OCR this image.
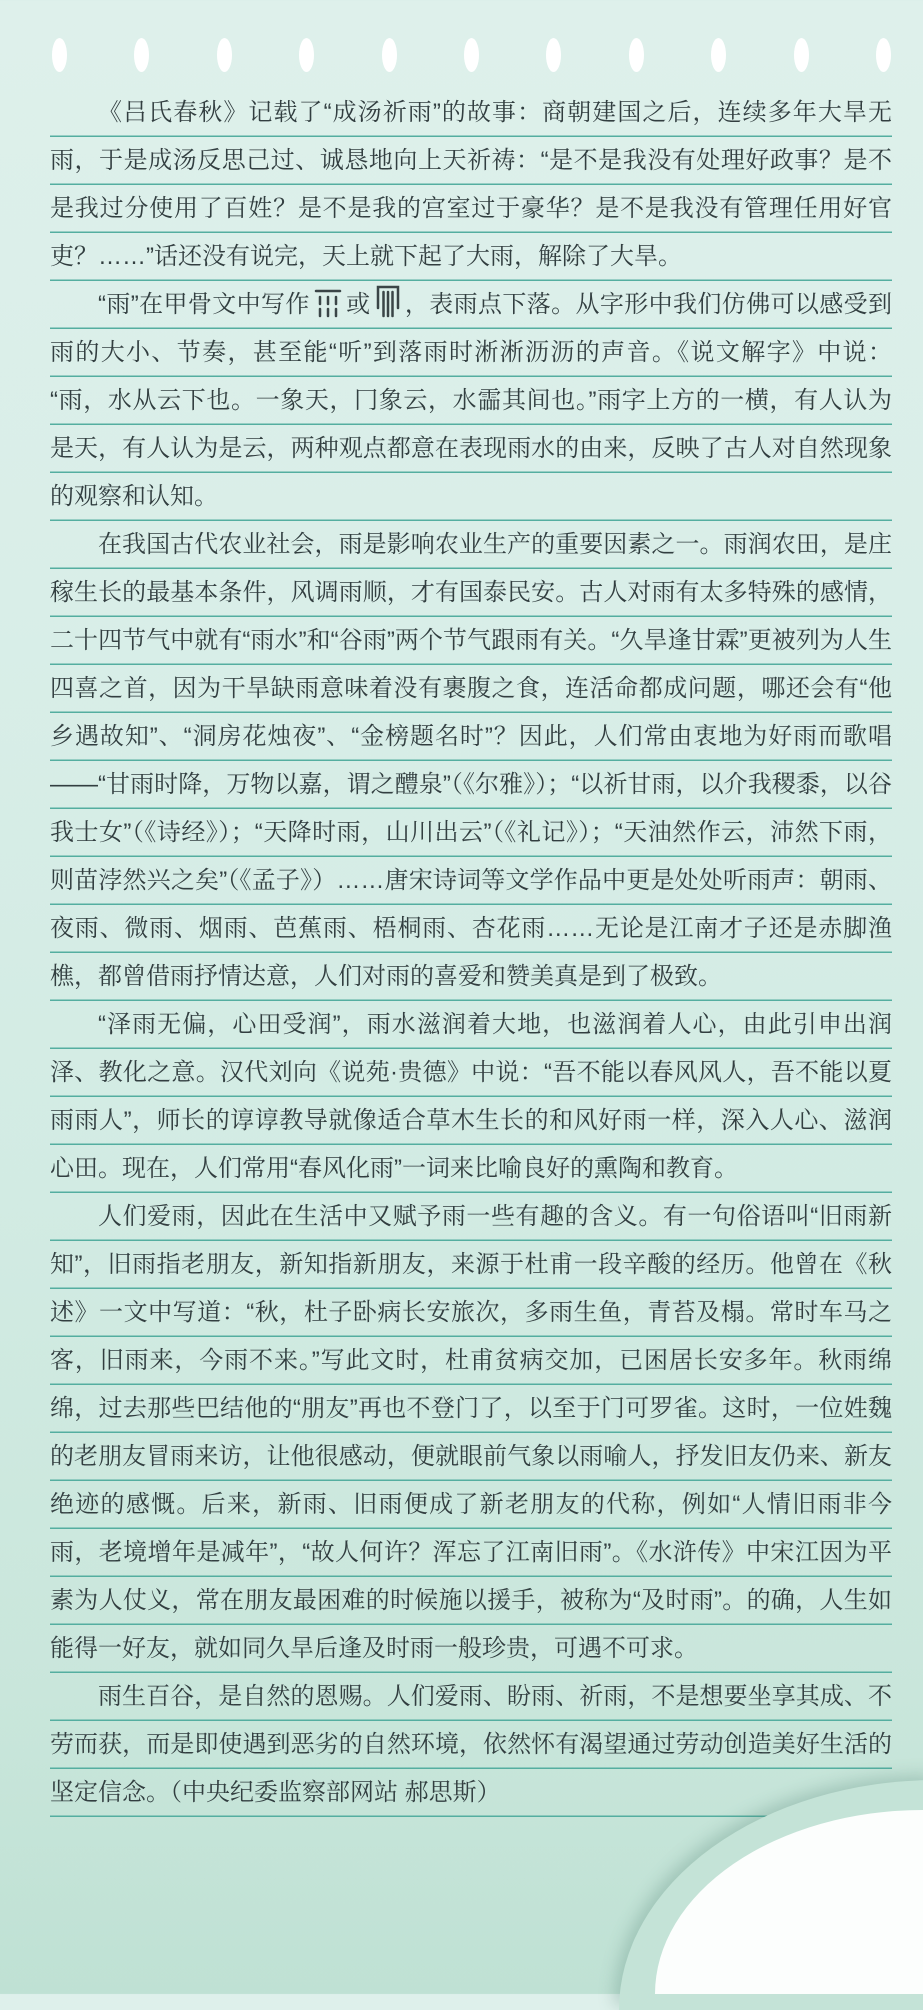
《吕氏春秋》记载了“成汤祈雨”的故事：商朝建国之后，连续多年大旱无雨，于是成汤反思己过、诚恳地向上天祈祷：“是不是我没有处理好政事？是不是我过分使用了百姓？是不是我的宫室过于豪华？是不是我没有管理任用好官吏？……”话还没有说完，天上就下起了大雨，解除了大旱。

“雨”在甲骨文中写作 或 ，表雨点下落。从字形中我们仿佛可以感受到雨的大小、节奏，甚至能“听”到落雨时淅淅沥沥的声音。《说文解字》中说：“雨，水从云下也。一象天，冂象云，水霝其间也。”雨字上方的一横，有人认为是天，有人认为是云，两种观点都意在表现雨水的由来，反映了古人对自然现象的观察和认知。

在我国古代农业社会，雨是影响农业生产的重要因素之一。雨润农田，是庄稼生长的最基本条件，风调雨顺，才有国泰民安。古人对雨有太多特殊的感情，二十四节气中就有“雨水”和“谷雨”两个节气跟雨有关。“久旱逢甘霖”更被列为人生四喜之首，因为干旱缺雨意味着没有裹腹之食，连活命都成问题，哪还会有“他乡遇故知”、“洞房花烛夜”、“金榜题名时”？因此，人们常由衷地为好雨而歌唱——“甘雨时降，万物以嘉，谓之醴泉”（《尔雅》）；“以祈甘雨，以介我稷黍，以谷我士女”（《诗经》）；“天降时雨，山川出云”（《礼记》）；“天油然作云，沛然下雨，则苗浡然兴之矣”（《孟子》）……唐宋诗词等文学作品中更是处处听雨声：朝雨、夜雨、微雨、烟雨、芭蕉雨、梧桐雨、杏花雨……无论是江南才子还是赤脚渔樵，都曾借雨抒情达意，人们对雨的喜爱和赞美真是到了极致。

“泽雨无偏，心田受润”，雨水滋润着大地，也滋润着人心，由此引申出润泽、教化之意。汉代刘向《说苑·贵德》中说：“吾不能以春风风人，吾不能以夏雨雨人”，师长的谆谆教导就像适合草木生长的和风好雨一样，深入人心、滋润心田。现在，人们常用“春风化雨”一词来比喻良好的熏陶和教育。

人们爱雨，因此在生活中又赋予雨一些有趣的含义。有一句俗语叫“旧雨新知”，旧雨指老朋友，新知指新朋友，来源于杜甫一段辛酸的经历。他曾在《秋述》一文中写道：“秋，杜子卧病长安旅次，多雨生鱼，青苔及榻。常时车马之客，旧雨来，今雨不来。”写此文时，杜甫贫病交加，已困居长安多年。秋雨绵绵，过去那些巴结他的“朋友”再也不登门了，以至于门可罗雀。这时，一位姓魏的老朋友冒雨来访，让他很感动，便就眼前气象以雨喻人，抒发旧友仍来、新友绝迹的感慨。后来，新雨、旧雨便成了新老朋友的代称，例如“人情旧雨非今雨，老境增年是减年”，“故人何许？浑忘了江南旧雨”。《水浒传》中宋江因为平素为人仗义，常在朋友最困难的时候施以援手，被称为“及时雨”。的确，人生如能得一好友，就如同久旱后逢及时雨一般珍贵，可遇不可求。

雨生百谷，是自然的恩赐。人们爱雨、盼雨、祈雨，不是想要坐享其成、不劳而获，而是即使遇到恶劣的自然环境，依然怀有渴望通过劳动创造美好生活的坚定信念。（中央纪委监察部网站 郝思斯）
